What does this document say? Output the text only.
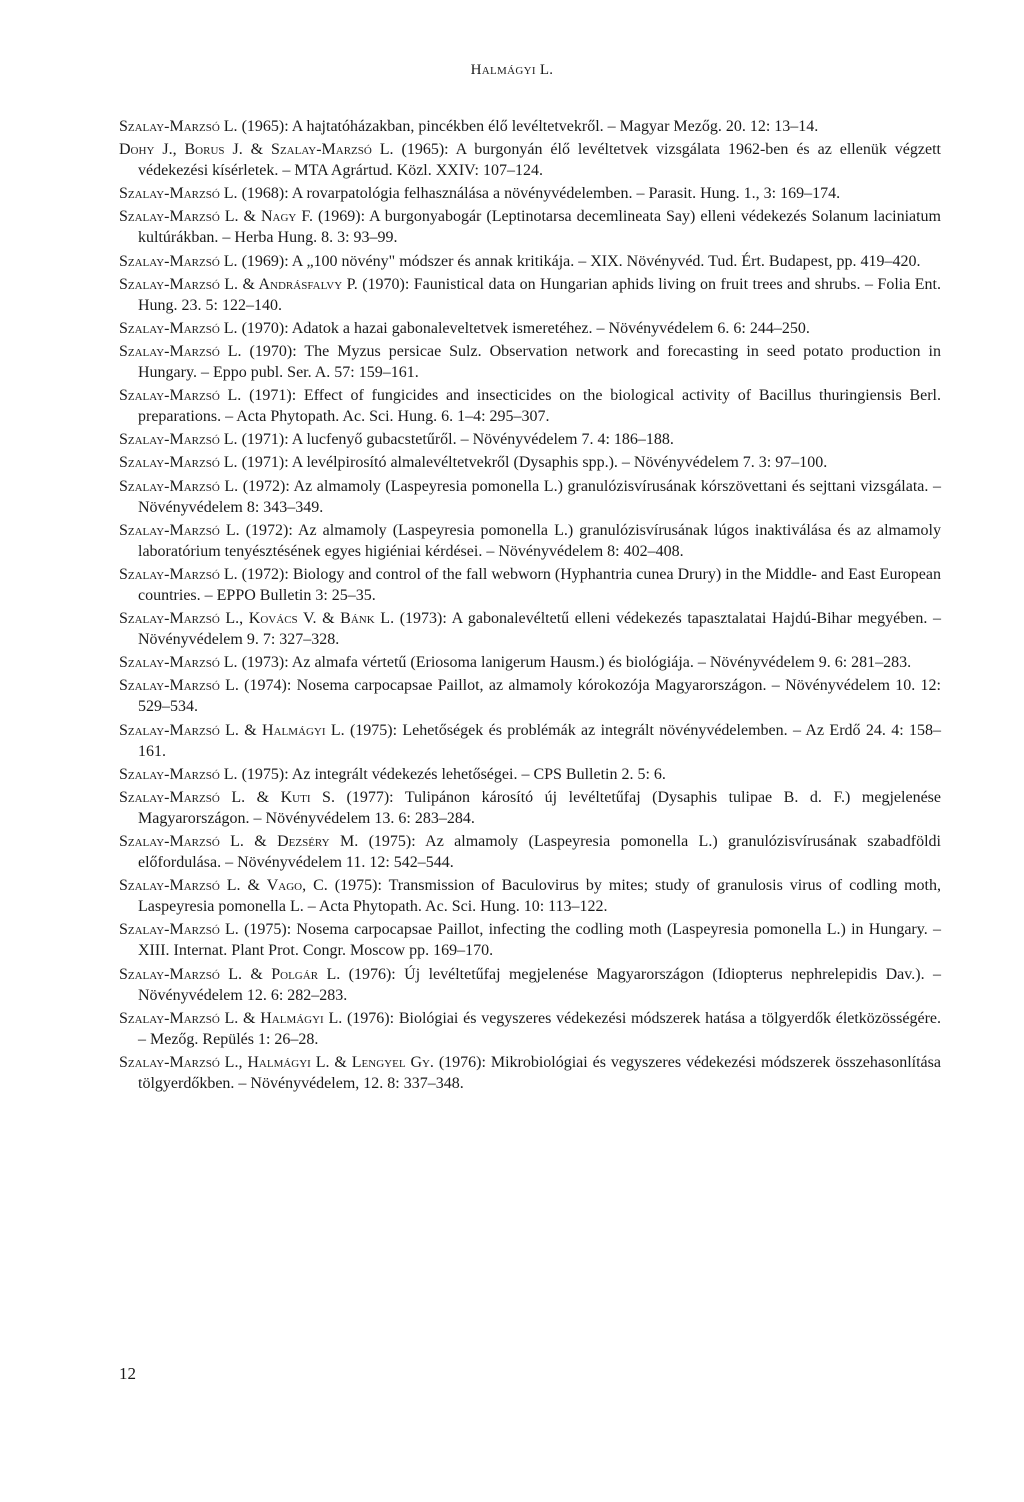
Halmágyi L.
Szalay-Marzsó L. (1965): A hajtatóházakban, pincékben élő levéltetvekről. – Magyar Mezőg. 20. 12: 13–14.
Dohy J., Borus J. & Szalay-Marzsó L. (1965): A burgonyán élő levéltetvek vizsgálata 1962-ben és az ellenük végzett védekezési kísérletek. – MTA Agrártud. Közl. XXIV: 107–124.
Szalay-Marzsó L. (1968): A rovarpatológia felhasználása a növényvédelemben. – Parasit. Hung. 1., 3: 169–174.
Szalay-Marzsó L. & Nagy F. (1969): A burgonyabogár (Leptinotarsa decemlineata Say) elleni védekezés Solanum laciniatum kultúrákban. – Herba Hung. 8. 3: 93–99.
Szalay-Marzsó L. (1969): A „100 növény" módszer és annak kritikája. – XIX. Növényvéd. Tud. Ért. Budapest, pp. 419–420.
Szalay-Marzsó L. & Andrásfalvy P. (1970): Faunistical data on Hungarian aphids living on fruit trees and shrubs. – Folia Ent. Hung. 23. 5: 122–140.
Szalay-Marzsó L. (1970): Adatok a hazai gabonaleveltetvek ismeretéhez. – Növényvédelem 6. 6: 244–250.
Szalay-Marzsó L. (1970): The Myzus persicae Sulz. Observation network and forecasting in seed potato production in Hungary. – Eppo publ. Ser. A. 57: 159–161.
Szalay-Marzsó L. (1971): Effect of fungicides and insecticides on the biological activity of Bacillus thuringiensis Berl. preparations. – Acta Phytopath. Ac. Sci. Hung. 6. 1–4: 295–307.
Szalay-Marzsó L. (1971): A lucfenyő gubacstetűről. – Növényvédelem 7. 4: 186–188.
Szalay-Marzsó L. (1971): A levélpirosító almalevéltetvekről (Dysaphis spp.). – Növényvédelem 7. 3: 97–100.
Szalay-Marzsó L. (1972): Az almamoly (Laspeyresia pomonella L.) granulózisvírusának kórszövettani és sejttani vizsgálata. – Növényvédelem 8: 343–349.
Szalay-Marzsó L. (1972): Az almamoly (Laspeyresia pomonella L.) granulózisvírusának lúgos inaktiválása és az almamoly laboratórium tenyésztésének egyes higiéniai kérdései. – Növényvédelem 8: 402–408.
Szalay-Marzsó L. (1972): Biology and control of the fall webworn (Hyphantria cunea Drury) in the Middle- and East European countries. – EPPO Bulletin 3: 25–35.
Szalay-Marzsó L., Kovács V. & Bánk L. (1973): A gabonalevéltetű elleni védekezés tapasztalatai Hajdú-Bihar megyében. – Növényvédelem 9. 7: 327–328.
Szalay-Marzsó L. (1973): Az almafa vértetű (Eriosoma lanigerum Hausm.) és biológiája. – Növényvédelem 9. 6: 281–283.
Szalay-Marzsó L. (1974): Nosema carpocapsae Paillot, az almamoly kórokozója Magyarországon. – Növényvédelem 10. 12: 529–534.
Szalay-Marzsó L. & Halmágyi L. (1975): Lehetőségek és problémák az integrált növényvédelemben. – Az Erdő 24. 4: 158–161.
Szalay-Marzsó L. (1975): Az integrált védekezés lehetőségei. – CPS Bulletin 2. 5: 6.
Szalay-Marzsó L. & Kuti S. (1977): Tulipánon károsító új levéltetűfaj (Dysaphis tulipae B. d. F.) megjelenése Magyarországon. – Növényvédelem 13. 6: 283–284.
Szalay-Marzsó L. & Dezséry M. (1975): Az almamoly (Laspeyresia pomonella L.) granulózisvírusának szabadföldi előfordulása. – Növényvédelem 11. 12: 542–544.
Szalay-Marzsó L. & Vago, C. (1975): Transmission of Baculovirus by mites; study of granulosis virus of codling moth, Laspeyresia pomonella L. – Acta Phytopath. Ac. Sci. Hung. 10: 113–122.
Szalay-Marzsó L. (1975): Nosema carpocapsae Paillot, infecting the codling moth (Laspeyresia pomonella L.) in Hungary. – XIII. Internat. Plant Prot. Congr. Moscow pp. 169–170.
Szalay-Marzsó L. & Polgár L. (1976): Új levéltetűfaj megjelenése Magyarországon (Idiopterus nephrelepidis Dav.). – Növényvédelem 12. 6: 282–283.
Szalay-Marzsó L. & Halmágyi L. (1976): Biológiai és vegyszeres védekezési módszerek hatása a tölgyerdők életközösségére. – Mezőg. Repülés 1: 26–28.
Szalay-Marzsó L., Halmágyi L. & Lengyel Gy. (1976): Mikrobiológiai és vegyszeres védekezési módszerek összehasonlítása tölgyerdőkben. – Növényvédelem, 12. 8: 337–348.
12
